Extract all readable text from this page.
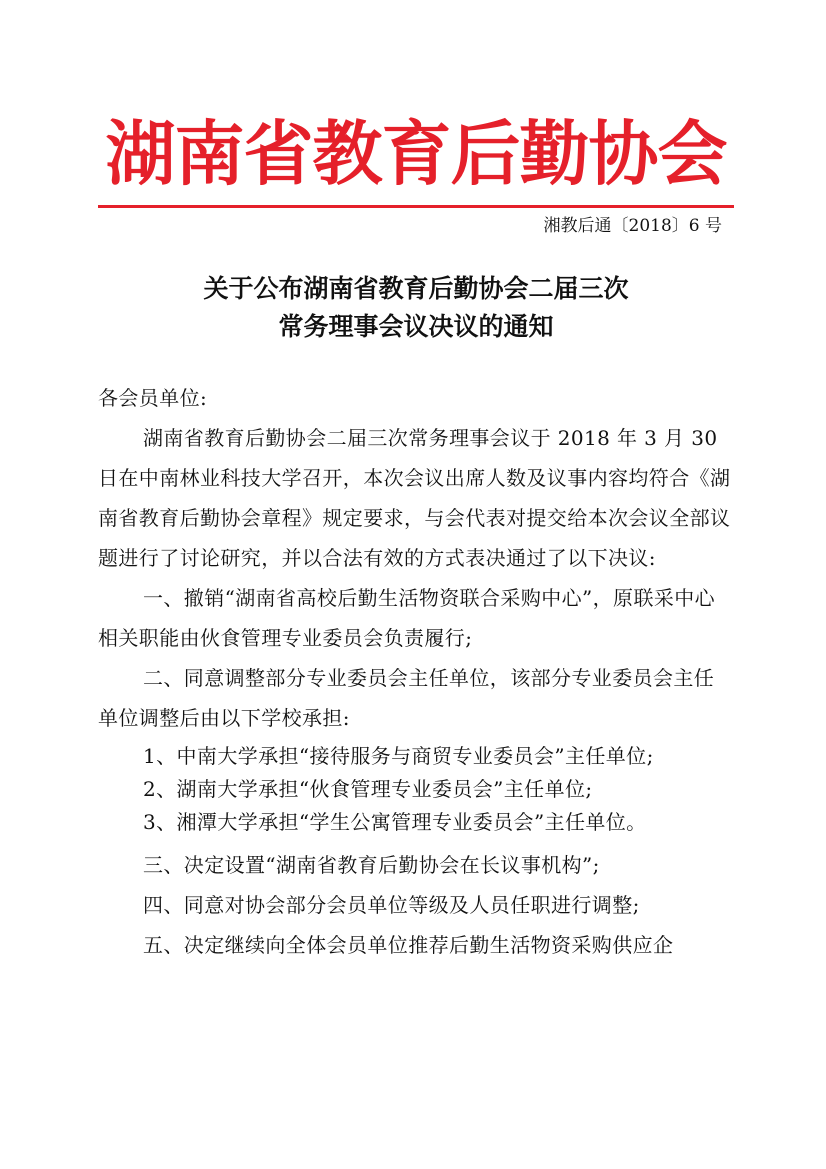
湖南省教育后勤协会
湘教后通〔2018〕6 号
关于公布湖南省教育后勤协会二届三次
常务理事会议决议的通知

各会员单位:

湖南省教育后勤协会二届三次常务理事会议于 2018 年 3 月 30 日在中南林业科技大学召开，本次会议出席人数及议事内容均符合《湖南省教育后勤协会章程》规定要求，与会代表对提交给本次会议全部议题进行了讨论研究，并以合法有效的方式表决通过了以下决议:

一、撤销“湖南省高校后勤生活物资联合采购中心”，原联采中心相关职能由伙食管理专业委员会负责履行;

二、同意调整部分专业委员会主任单位，该部分专业委员会主任单位调整后由以下学校承担:

1、中南大学承担“接待服务与商贸专业委员会”主任单位;

2、湖南大学承担“伙食管理专业委员会”主任单位;

3、湘潭大学承担“学生公寓管理专业委员会”主任单位。

三、决定设置“湖南省教育后勤协会在长议事机构”;

四、同意对协会部分会员单位等级及人员任职进行调整;

五、决定继续向全体会员单位推荐后勤生活物资采购供应企
